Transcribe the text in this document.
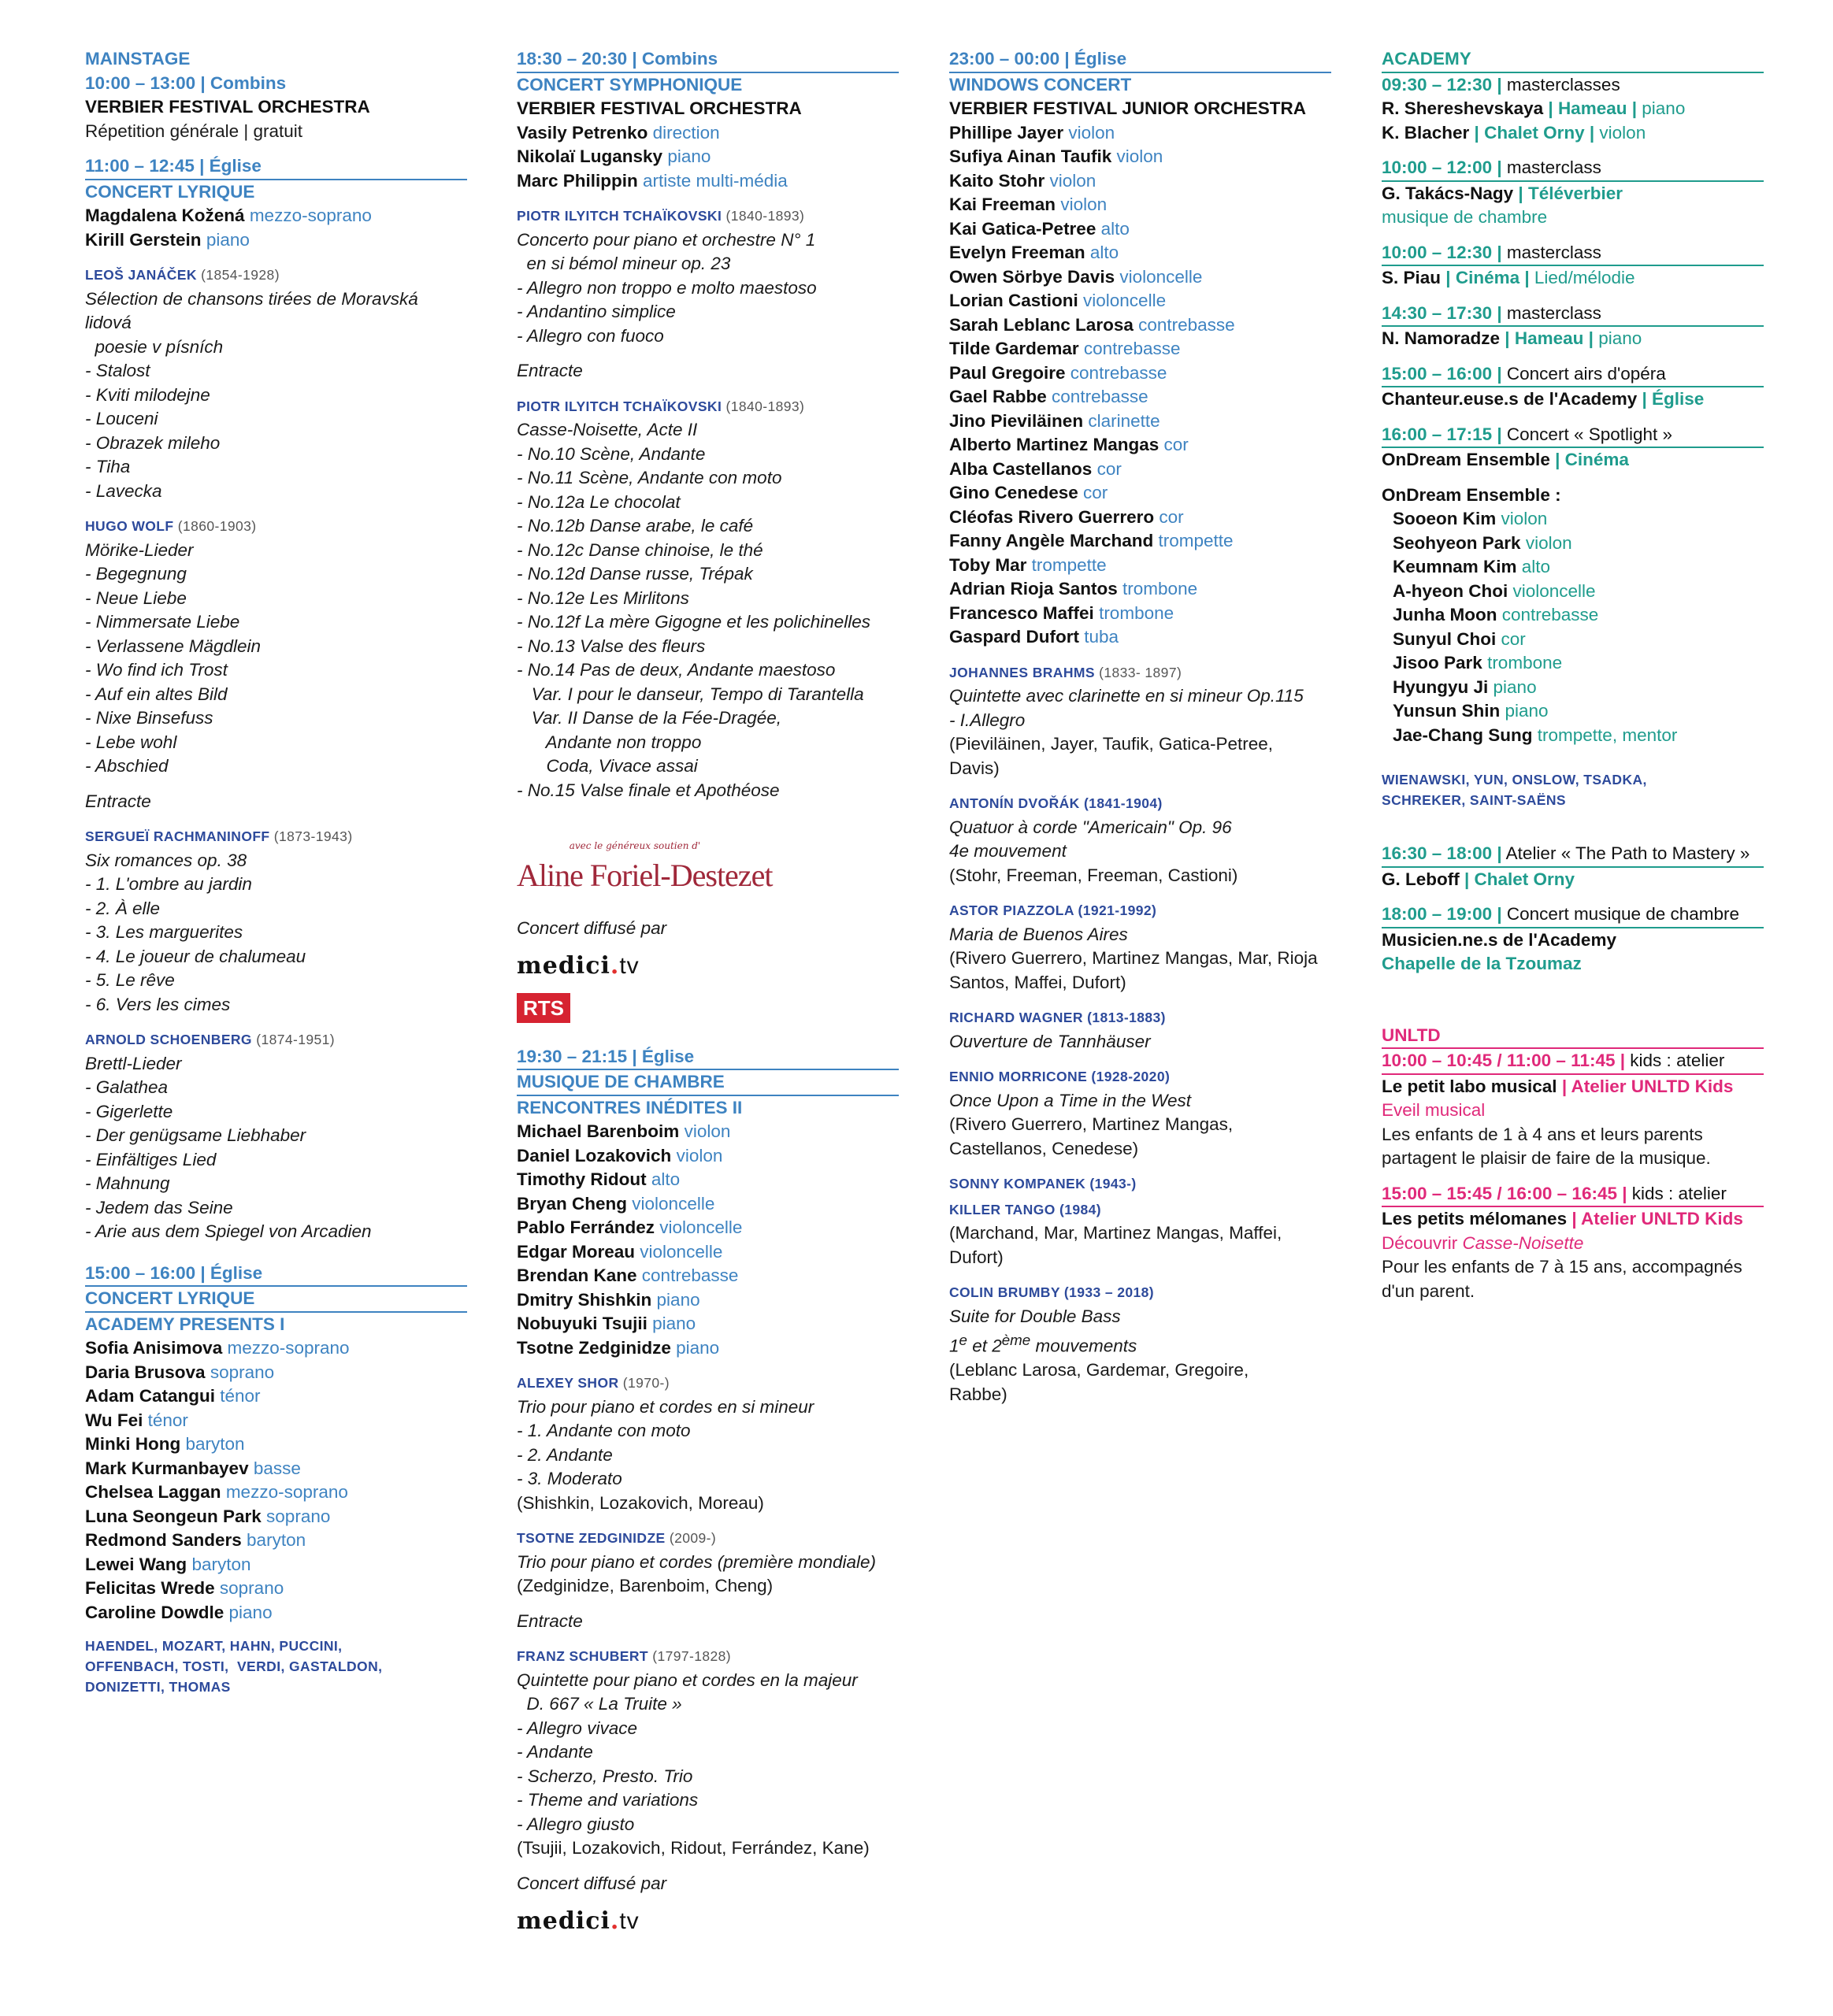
MAINSTAGE
10:00 – 13:00 | Combins
VERBIER FESTIVAL ORCHESTRA
Répetition générale | gratuit
11:00 – 12:45 | Église
CONCERT LYRIQUE
Magdalena Kožená mezzo-soprano
Kirill Gerstein piano
LEOŠ JANÁČEK (1854-1928)
Sélection de chansons tirées de Moravská
lidová
poesie v písních
- Stalost
- Kviti milodejne
- Louceni
- Obrazek mileho
- Tiha
- Lavecka
HUGO WOLF (1860-1903)
Mörike-Lieder
- Begegnung
- Neue Liebe
- Nimmersate Liebe
- Verlassene Mägdlein
- Wo find ich Trost
- Auf ein altes Bild
- Nixe Binsefuss
- Lebe wohl
- Abschied
Entracte
SERGUEÏ RACHMANINOFF (1873-1943)
Six romances op. 38
- 1. L'ombre au jardin
- 2. À elle
- 3. Les marguerites
- 4. Le joueur de chalumeau
- 5. Le rêve
- 6. Vers les cimes
ARNOLD SCHOENBERG (1874-1951)
Brettl-Lieder
- Galathea
- Gigerlette
- Der genügsame Liebhaber
- Einfältiges Lied
- Mahnung
- Jedem das Seine
- Arie aus dem Spiegel von Arcadien
15:00 – 16:00 | Église
CONCERT LYRIQUE
ACADEMY PRESENTS I
Sofia Anisimova mezzo-soprano
Daria Brusova soprano
Adam Catangui ténor
Wu Fei ténor
Minki Hong baryton
Mark Kurmanbayev basse
Chelsea Laggan mezzo-soprano
Luna Seongeun Park soprano
Redmond Sanders baryton
Lewei Wang baryton
Felicitas Wrede soprano
Caroline Dowdle piano
HAENDEL, MOZART, HAHN, PUCCINI,
OFFENBACH, TOSTI,  VERDI, GASTALDON,
DONIZETTI, THOMAS
18:30 – 20:30 | Combins
CONCERT SYMPHONIQUE
VERBIER FESTIVAL ORCHESTRA
Vasily Petrenko direction
Nikolaï Lugansky piano
Marc Philippin artiste multi-média
PIOTR ILYITCH TCHAÏKOVSKI (1840-1893)
Concerto pour piano et orchestre N° 1
en si bémol mineur op. 23
- Allegro non troppo e molto maestoso
- Andantino simplice
- Allegro con fuoco
Entracte
PIOTR ILYITCH TCHAÏKOVSKI (1840-1893)
Casse-Noisette, Acte II
- No.10 Scène, Andante
- No.11 Scène, Andante con moto
- No.12a Le chocolat
- No.12b Danse arabe, le café
- No.12c Danse chinoise, le thé
- No.12d Danse russe, Trépak
- No.12e Les Mirlitons
- No.12f La mère Gigogne et les polichinelles
- No.13 Valse des fleurs
- No.14 Pas de deux, Andante maestoso
Var. I pour le danseur, Tempo di Tarantella
Var. II Danse de la Fée-Dragée,
Andante non troppo
Coda, Vivace assai
- No.15 Valse finale et Apothéose
avec le généreux soutien d'
Aline Foriel-Destezet
Concert diffusé par
medici.tv
RTS
19:30 – 21:15 | Église
MUSIQUE DE CHAMBRE
RENCONTRES INÉDITES II
Michael Barenboim violon
Daniel Lozakovich violon
Timothy Ridout alto
Bryan Cheng violoncelle
Pablo Ferrández violoncelle
Edgar Moreau violoncelle
Brendan Kane contrebasse
Dmitry Shishkin piano
Nobuyuki Tsujii piano
Tsotne Zedginidze piano
ALEXEY SHOR (1970-)
Trio pour piano et cordes en si mineur
- 1. Andante con moto
- 2. Andante
- 3. Moderato
(Shishkin, Lozakovich, Moreau)
TSOTNE ZEDGINIDZE (2009-)
Trio pour piano et cordes (première mondiale)
(Zedginidze, Barenboim, Cheng)
Entracte
FRANZ SCHUBERT (1797-1828)
Quintette pour piano et cordes en la majeur
D. 667 « La Truite »
- Allegro vivace
- Andante
- Scherzo, Presto. Trio
- Theme and variations
- Allegro giusto
(Tsujii, Lozakovich, Ridout, Ferrández, Kane)
Concert diffusé par
medici.tv
23:00 – 00:00 | Église
WINDOWS CONCERT
VERBIER FESTIVAL JUNIOR ORCHESTRA
Phillipe Jayer violon
Sufiya Ainan Taufik violon
Kaito Stohr violon
Kai Freeman violon
Kai Gatica-Petree alto
Evelyn Freeman alto
Owen Sörbye Davis violoncelle
Lorian Castioni violoncelle
Sarah Leblanc Larosa contrebasse
Tilde Gardemar contrebasse
Paul Gregoire contrebasse
Gael Rabbe contrebasse
Jino Pieviläinen clarinette
Alberto Martinez Mangas cor
Alba Castellanos cor
Gino Cenedese cor
Cléofas Rivero Guerrero cor
Fanny Angèle Marchand trompette
Toby Mar trompette
Adrian Rioja Santos trombone
Francesco Maffei trombone
Gaspard Dufort tuba
JOHANNES BRAHMS (1833- 1897)
Quintette avec clarinette en si mineur Op.115
- I.Allegro
(Pieviläinen, Jayer, Taufik, Gatica-Petree,
Davis)
ANTONÍN DVOŘÁK (1841-1904)
Quatuor à corde "Americain" Op. 96
4e mouvement
(Stohr, Freeman, Freeman, Castioni)
ASTOR PIAZZOLA (1921-1992)
Maria de Buenos Aires
(Rivero Guerrero, Martinez Mangas, Mar, Rioja
Santos, Maffei, Dufort)
RICHARD WAGNER (1813-1883)
Ouverture de Tannhäuser
ENNIO MORRICONE (1928-2020)
Once Upon a Time in the West
(Rivero Guerrero, Martinez Mangas,
Castellanos, Cenedese)
SONNY KOMPANEK (1943-)
KILLER TANGO (1984)
(Marchand, Mar, Martinez Mangas, Maffei,
Dufort)
COLIN BRUMBY (1933 – 2018)
Suite for Double Bass
1e et 2ème mouvements
(Leblanc Larosa, Gardemar, Gregoire,
Rabbe)
ACADEMY
09:30 – 12:30 | masterclasses
R. Shereshevskaya | Hameau | piano
K. Blacher | Chalet Orny | violon
10:00 – 12:00 | masterclass
G. Takács-Nagy | Téléverbier
musique de chambre
10:00 – 12:30 | masterclass
S. Piau | Cinéma | Lied/mélodie
14:30 – 17:30 | masterclass
N. Namoradze | Hameau | piano
15:00 – 16:00 | Concert airs d'opéra
Chanteur.euse.s de l'Academy | Église
16:00 – 17:15 | Concert « Spotlight »
OnDream Ensemble | Cinéma
OnDream Ensemble :
Sooeon Kim violon
Seohyeon Park violon
Keumnam Kim alto
A-hyeon Choi violoncelle
Junha Moon contrebasse
Sunyul Choi cor
Jisoo Park trombone
Hyungyu Ji piano
Yunsun Shin piano
Jae-Chang Sung trompette, mentor
WIENAWSKI, YUN, ONSLOW, TSADKA,
SCHREKER, SAINT-SAËNS
16:30 – 18:00 | Atelier « The Path to Mastery »
G. Leboff | Chalet Orny
18:00 – 19:00 | Concert musique de chambre
Musicien.ne.s de l'Academy
Chapelle de la Tzoumaz
UNLTD
10:00 – 10:45 / 11:00 – 11:45 | kids : atelier
Le petit labo musical | Atelier UNLTD Kids
Eveil musical
Les enfants de 1 à 4 ans et leurs parents
partagent le plaisir de faire de la musique.
15:00 – 15:45 / 16:00 – 16:45 | kids : atelier
Les petits mélomanes | Atelier UNLTD Kids
Découvrir Casse-Noisette
Pour les enfants de 7 à 15 ans, accompagnés
d'un parent.
